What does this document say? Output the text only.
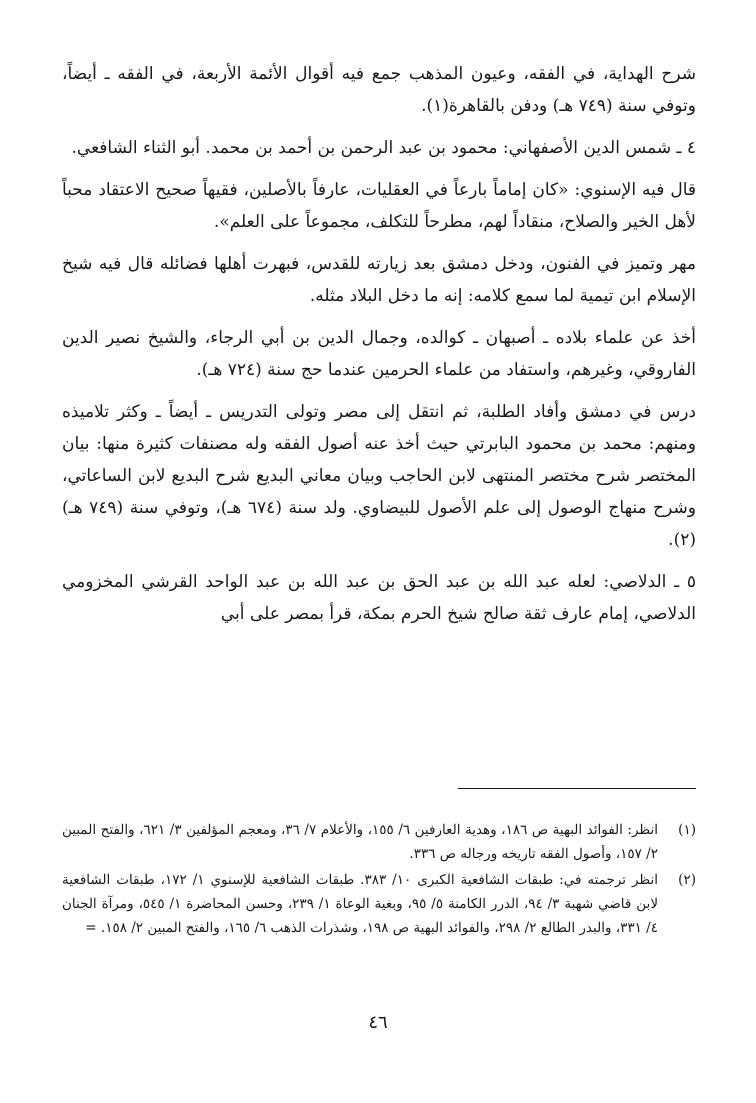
شرح الهداية، في الفقه، وعيون المذهب جمع فيه أقوال الأئمة الأربعة، في الفقه ـ أيضاً، وتوفي سنة (٧٤٩ هـ) ودفن بالقاهرة(١).

٤ ـ شمس الدين الأصفهاني: محمود بن عبد الرحمن بن أحمد بن محمد. أبو الثناء الشافعي.

قال فيه الإسنوي: «كان إماماً بارعاً في العقليات، عارفاً بالأصلين، فقيهاً صحيح الاعتقاد محباً لأهل الخير والصلاح، منقاداً لهم، مطرحاً للتكلف، مجموعاً على العلم».

مهر وتميز في الفنون، ودخل دمشق بعد زيارته للقدس، فبهرت أهلها فضائله قال فيه شيخ الإسلام ابن تيمية لما سمع كلامه: إنه ما دخل البلاد مثله.

أخذ عن علماء بلاده ـ أصبهان ـ كوالده، وجمال الدين بن أبي الرجاء، والشيخ نصير الدين الفاروقي، وغيرهم، واستفاد من علماء الحرمين عندما حج سنة (٧٢٤ هـ).

درس في دمشق وأفاد الطلبة، ثم انتقل إلى مصر وتولى التدريس ـ أيضاً ـ وكثر تلاميذه ومنهم: محمد بن محمود البابرتي حيث أخذ عنه أصول الفقه وله مصنفات كثيرة منها: بيان المختصر شرح مختصر المنتهى لابن الحاجب وبيان معاني البديع شرح البديع لابن الساعاتي، وشرح منهاج الوصول إلى علم الأصول للبيضاوي. ولد سنة (٦٧٤ هـ)، وتوفي سنة (٧٤٩ هـ)(٢).

٥ ـ الدلاصي: لعله عبد الله بن عبد الحق بن عبد الله بن عبد الواحد القرشي المخزومي الدلاصي، إمام عارف ثقة صالح شيخ الحرم بمكة، قرأ بمصر على أبي

(١)
انظر: الفوائد البهية ص ١٨٦، وهدية العارفين ٦/ ١٥٥، والأعلام ٧/ ٣٦، ومعجم المؤلفين ٣/ ٦٢١، والفتح المبين ٢/ ١٥٧، وأصول الفقه تاريخه ورجاله ص ٣٣٦.
(٢)
انظر ترجمته في: طبقات الشافعية الكبرى ١٠/ ٣٨٣. طبقات الشافعية للإسنوي ١/ ١٧٢، طبقات الشافعية لابن قاضي شهبة ٣/ ٩٤، الدرر الكامنة ٥/ ٩٥، وبغية الوعاة ١/ ٢٣٩، وحسن المحاضرة ١/ ٥٤٥، ومرآة الجنان ٤/ ٣٣١، والبدر الطالع ٢/ ٢٩٨، والفوائد البهية ص ١٩٨، وشذرات الذهب ٦/ ١٦٥، والفتح المبين ٢/ ١٥٨. =
٤٦
